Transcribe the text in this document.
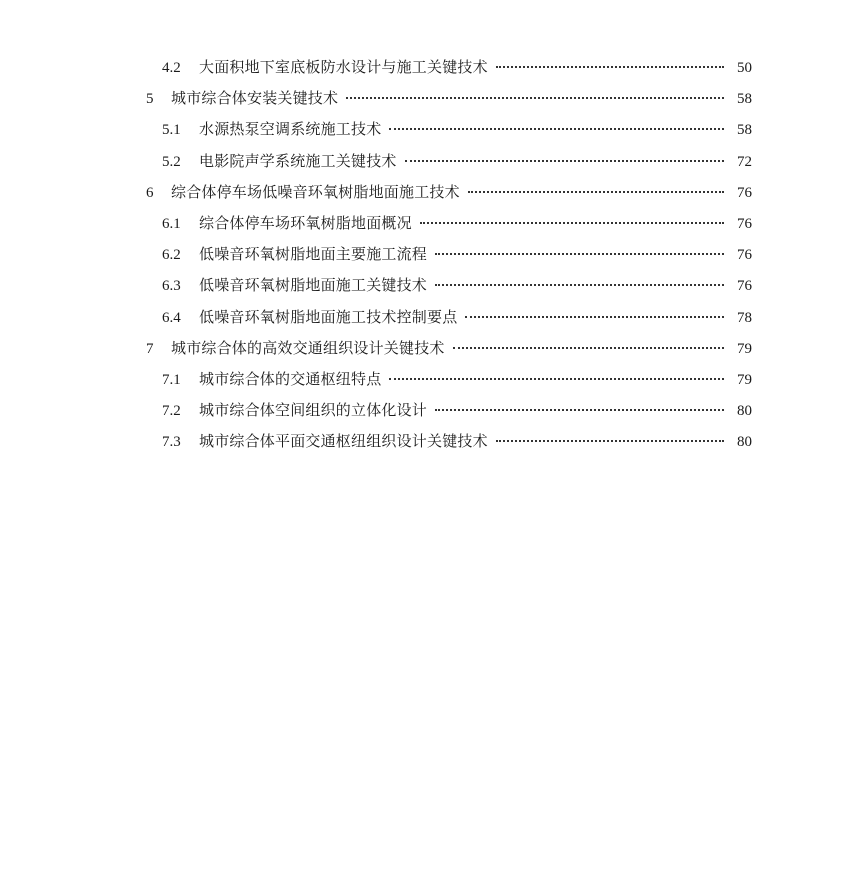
4.2	大面积地下室底板防水设计与施工关键技术	50
5	城市综合体安装关键技术	58
5.1	水源热泵空调系统施工技术	58
5.2	电影院声学系统施工关键技术	72
6	综合体停车场低噪音环氧树脂地面施工技术	76
6.1	综合体停车场环氧树脂地面概况	76
6.2	低噪音环氧树脂地面主要施工流程	76
6.3	低噪音环氧树脂地面施工关键技术	76
6.4	低噪音环氧树脂地面施工技术控制要点	78
7	城市综合体的高效交通组织设计关键技术	79
7.1	城市综合体的交通枢纽特点	79
7.2	城市综合体空间组织的立体化设计	80
7.3	城市综合体平面交通枢纽组织设计关键技术	80
